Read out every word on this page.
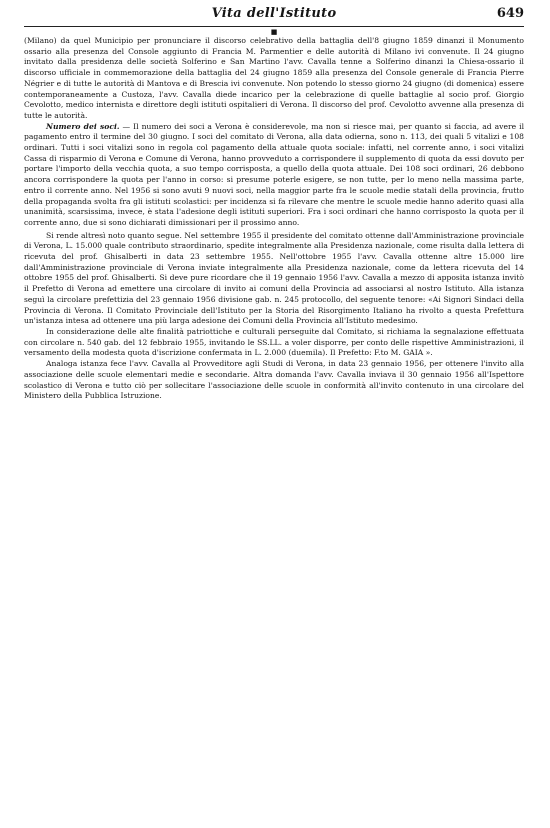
Vita dell'Istituto	649
■

(Milano) da quel Municipio per pronunciare il discorso celebrativo della battaglia dell'8 giugno 1859 dinanzi il Monumento ossario alla presenza del Console aggiunto di Francia M. Parmentier e delle autorità di Milano ivi convenute. Il 24 giugno invitato dalla presidenza delle società Solferino e San Martino l'avv. Cavalla tenne a Solferino dinanzi la Chiesa-ossario il discorso ufficiale in commemorazione della battaglia del 24 giugno 1859 alla presenza del Console generale di Francia Pierre Négrier e di tutte le autorità di Mantova e di Brescia ivi convenute. Non potendo lo stesso giorno 24 giugno (di domenica) essere contemporaneamente a Custoza, l'avv. Cavalla diede incarico per la celebrazione di quelle battaglie al socio prof. Giorgio Cevolotto, medico internista e direttore degli istituti ospitalieri di Verona. Il discorso del prof. Cevolotto avvenne alla presenza di tutte le autorità.

Numero dei soci. — Il numero dei soci a Verona è considerevole, ma non si riesce mai, per quanto si faccia, ad avere il pagamento entro il termine del 30 giugno. I soci del comitato di Verona, alla data odierna, sono n. 113, dei quali 5 vitalizi e 108 ordinari. Tutti i soci vitalizi sono in regola col pagamento della attuale quota sociale: infatti, nel corrente anno, i soci vitalizi Cassa di risparmio di Verona e Comune di Verona, hanno provveduto a corrispondere il supplemento di quota da essi dovuto per portare l'importo della vecchia quota, a suo tempo corrisposta, a quello della quota attuale. Dei 108 soci ordinari, 26 debbono ancora corrispondere la quota per l'anno in corso: si presume poterle esigere, se non tutte, per lo meno nella massima parte, entro il corrente anno. Nel 1956 si sono avuti 9 nuovi soci, nella maggior parte fra le scuole medie statali della provincia, frutto della propaganda svolta fra gli istituti scolastici: per incidenza si fa rilevare che mentre le scuole medie hanno aderito quasi alla unanimità, scarsissima, invece, è stata l'adesione degli istituti superiori. Fra i soci ordinari che hanno corrisposto la quota per il corrente anno, due si sono dichiarati dimissionari per il prossimo anno.

Si rende altresì noto quanto segue. Nel settembre 1955 il presidente del comitato ottenne dall'Amministrazione provinciale di Verona, L. 15.000 quale contributo straordinario, spedite integralmente alla Presidenza nazionale, come risulta dalla lettera di ricevuta del prof. Ghisalberti in data 23 settembre 1955. Nell'ottobre 1955 l'avv. Cavalla ottenne altre 15.000 lire dall'Amministrazione provinciale di Verona inviate integralmente alla Presidenza nazionale, come da lettera ricevuta del 14 ottobre 1955 del prof. Ghisalberti. Si deve pure ricordare che il 19 gennaio 1956 l'avv. Cavalla a mezzo di apposita istanza invitò il Prefetto di Verona ad emettere una circolare di invito ai comuni della Provincia ad associarsi al nostro Istituto. Alla istanza seguì la circolare prefettizia del 23 gennaio 1956 divisione gab. n. 245 protocollo, del seguente tenore: «Ai Signori Sindaci della Provincia di Verona. Il Comitato Provinciale dell'Istituto per la Storia del Risorgimento Italiano ha rivolto a questa Prefettura un'istanza intesa ad ottenere una più larga adesione dei Comuni della Provincia all'Istituto medesimo.

In considerazione delle alte finalità patriottiche e culturali perseguite dal Comitato, si richiama la segnalazione effettuata con circolare n. 540 gab. del 12 febbraio 1955, invitando le SS.LL. a voler disporre, per conto delle rispettive Amministrazioni, il versamento della modesta quota d'iscrizione confermata in L. 2.000 (duemila). Il Prefetto: F.to M. GAIA ».

Analoga istanza fece l'avv. Cavalla al Provveditore agli Studi di Verona, in data 23 gennaio 1956, per ottenere l'invito alla associazione delle scuole elementari medie e secondarie. Altra domanda l'avv. Cavalla inviava il 30 gennaio 1956 all'Ispettore scolastico di Verona e tutto ciò per sollecitare l'associazione delle scuole in conformità all'invito contenuto in una circolare del Ministero della Pubblica Istruzione.
